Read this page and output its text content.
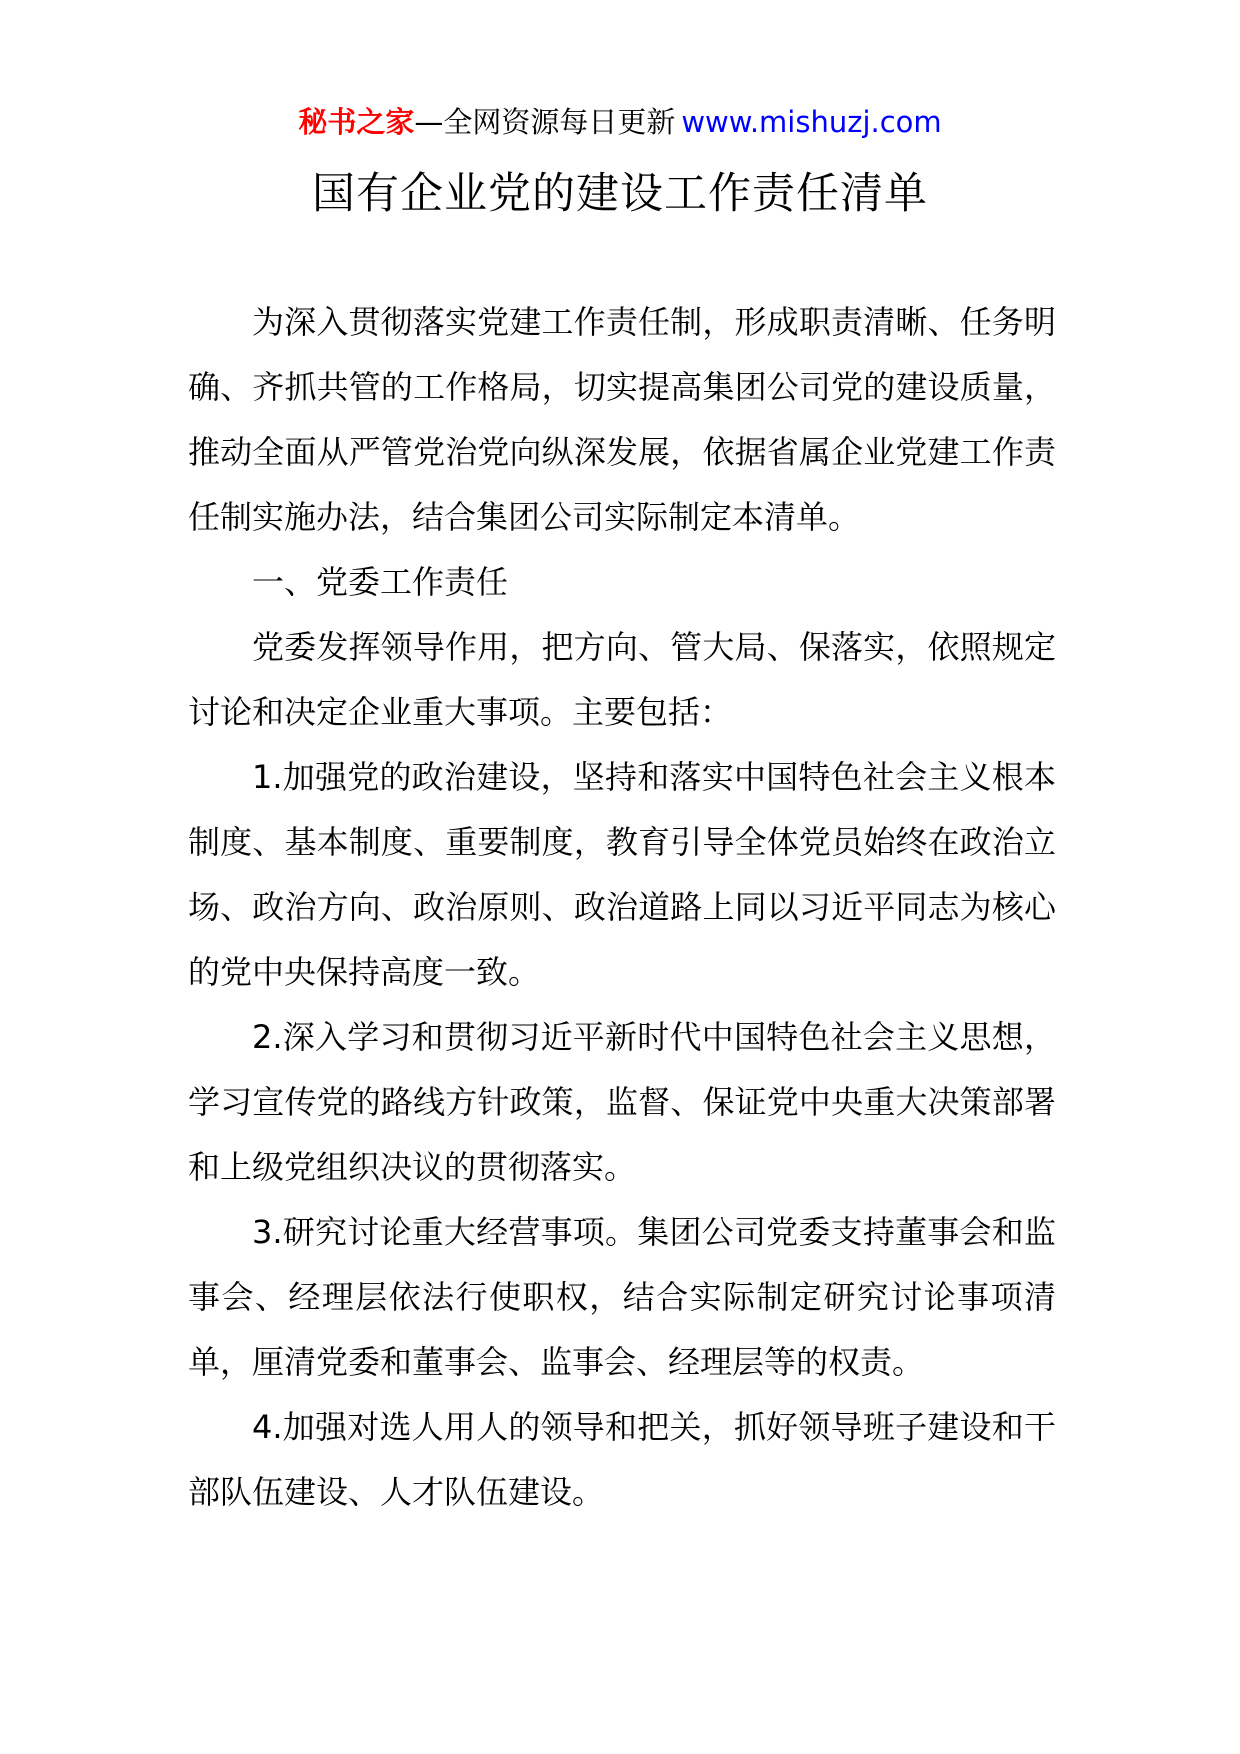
秘书之家—全网资源每日更新 www.mishuzj.com
国有企业党的建设工作责任清单

为深入贯彻落实党建工作责任制，形成职责清晰、任务明确、齐抓共管的工作格局，切实提高集团公司党的建设质量，推动全面从严管党治党向纵深发展，依据省属企业党建工作责任制实施办法，结合集团公司实际制定本清单。

一、党委工作责任

党委发挥领导作用，把方向、管大局、保落实，依照规定讨论和决定企业重大事项。主要包括：

1.加强党的政治建设，坚持和落实中国特色社会主义根本制度、基本制度、重要制度，教育引导全体党员始终在政治立场、政治方向、政治原则、政治道路上同以习近平同志为核心的党中央保持高度一致。

2.深入学习和贯彻习近平新时代中国特色社会主义思想，学习宣传党的路线方针政策，监督、保证党中央重大决策部署和上级党组织决议的贯彻落实。

3.研究讨论重大经营事项。集团公司党委支持董事会和监事会、经理层依法行使职权，结合实际制定研究讨论事项清单，厘清党委和董事会、监事会、经理层等的权责。

4.加强对选人用人的领导和把关，抓好领导班子建设和干部队伍建设、人才队伍建设。
